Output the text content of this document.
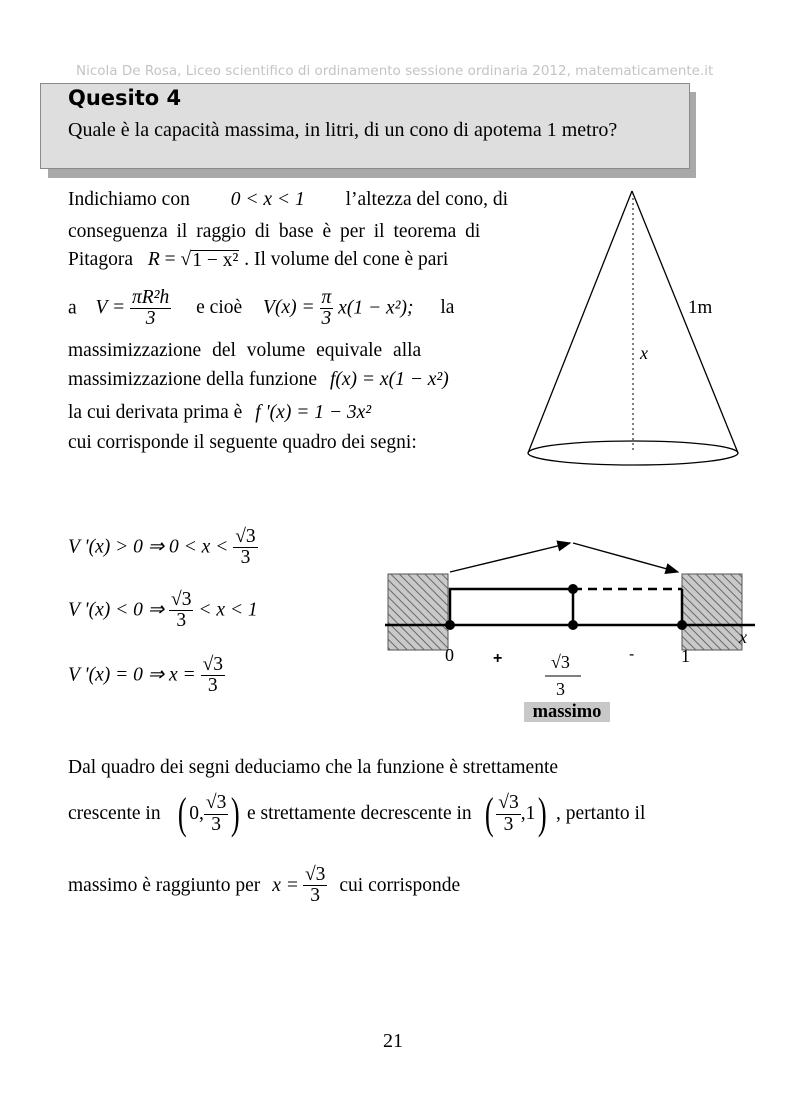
Nicola De Rosa, Liceo scientifico di ordinamento sessione ordinaria 2012, matematicamente.it
Quesito 4
Quale è la capacità massima, in litri, di un cono di apotema 1 metro?
Indichiamo con 0 < x < 1 l’altezza del cono, di
conseguenza il raggio di base è per il teorema di
Pitagora R = √ 1 − x² . Il volume del cone è pari
a $V = \frac{\text{πR²h}}{3}$ e cioè $V(x) = \frac{\pi}{3} x(1 - x^2)$; la
massimizzazione del volume equivale alla
massimizzazione della funzione f(x) = x(1 − x²)
la cui derivata prima è f '(x) = 1 − 3x²
cui corrisponde il seguente quadro dei segni:
1m
x
V '(x) > 0 ⇒ $0 < x < \frac{√3}{3}$
V '(x) < 0 ⇒ $\frac{√3}{3} < x < 1$
V '(x) = 0 ⇒ $x = \frac{√3}{3}$	0 +	-	1
x
√3
3
massimo
Dal quadro dei segni deduciamo che la funzione è strettamente
crescente in ( 0, $\frac{√3}{3}$ ) e strettamente decrescente in ( $\frac{√3}{3} ,1$ ) , pertanto il
massimo è raggiunto per $x = \frac{√3}{3}$ cui corrisponde
21
